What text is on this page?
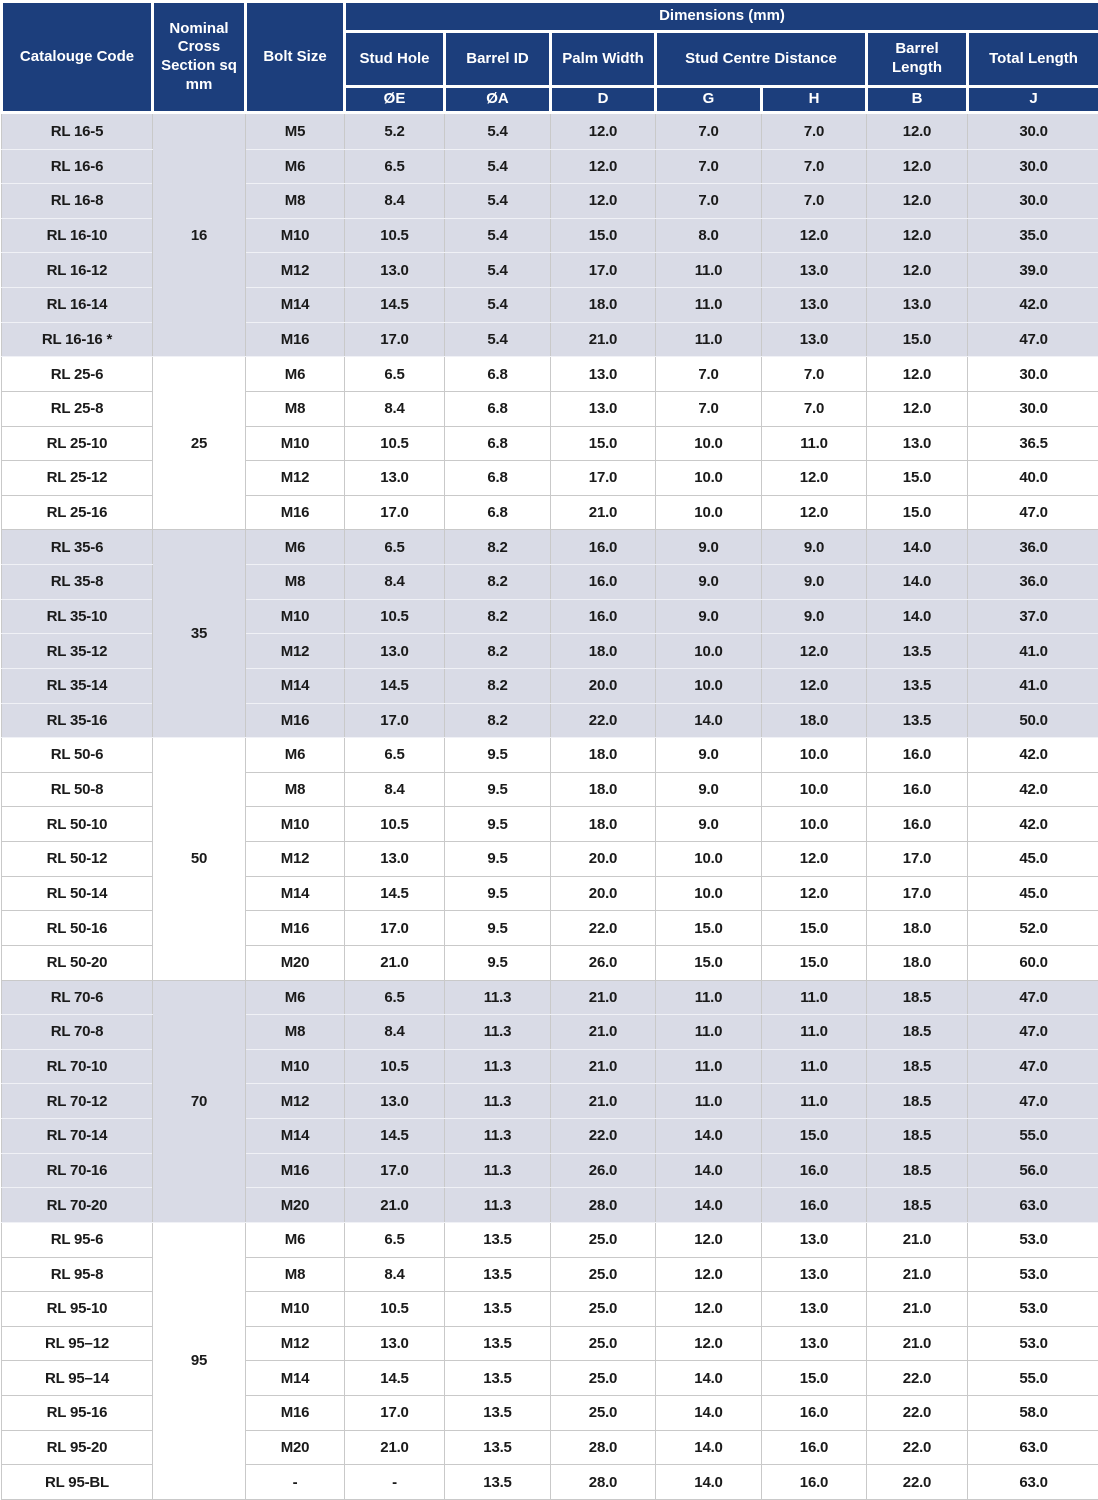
Catalouge Code	Nominal Cross Section sq mm	Bolt Size	Dimensions (mm)						
			Stud Hole	Barrel ID	Palm Width	Stud Centre Distance		Barrel Length	Total Length
			ØE	ØA	D	G	H	B	J
RL 16-5	16	M5	5.2	5.4	12.0	7.0	7.0	12.0	30.0
RL 16-6		M6	6.5	5.4	12.0	7.0	7.0	12.0	30.0
RL 16-8		M8	8.4	5.4	12.0	7.0	7.0	12.0	30.0
RL 16-10		M10	10.5	5.4	15.0	8.0	12.0	12.0	35.0
RL 16-12		M12	13.0	5.4	17.0	11.0	13.0	12.0	39.0
RL 16-14		M14	14.5	5.4	18.0	11.0	13.0	13.0	42.0
RL 16-16 *		M16	17.0	5.4	21.0	11.0	13.0	15.0	47.0
RL 25-6	25	M6	6.5	6.8	13.0	7.0	7.0	12.0	30.0
RL 25-8		M8	8.4	6.8	13.0	7.0	7.0	12.0	30.0
RL 25-10		M10	10.5	6.8	15.0	10.0	11.0	13.0	36.5
RL 25-12		M12	13.0	6.8	17.0	10.0	12.0	15.0	40.0
RL 25-16		M16	17.0	6.8	21.0	10.0	12.0	15.0	47.0
RL 35-6	35	M6	6.5	8.2	16.0	9.0	9.0	14.0	36.0
RL 35-8		M8	8.4	8.2	16.0	9.0	9.0	14.0	36.0
RL 35-10		M10	10.5	8.2	16.0	9.0	9.0	14.0	37.0
RL 35-12		M12	13.0	8.2	18.0	10.0	12.0	13.5	41.0
RL 35-14		M14	14.5	8.2	20.0	10.0	12.0	13.5	41.0
RL 35-16		M16	17.0	8.2	22.0	14.0	18.0	13.5	50.0
RL 50-6	50	M6	6.5	9.5	18.0	9.0	10.0	16.0	42.0
RL 50-8		M8	8.4	9.5	18.0	9.0	10.0	16.0	42.0
RL 50-10		M10	10.5	9.5	18.0	9.0	10.0	16.0	42.0
RL 50-12		M12	13.0	9.5	20.0	10.0	12.0	17.0	45.0
RL 50-14		M14	14.5	9.5	20.0	10.0	12.0	17.0	45.0
RL 50-16		M16	17.0	9.5	22.0	15.0	15.0	18.0	52.0
RL 50-20		M20	21.0	9.5	26.0	15.0	15.0	18.0	60.0
RL 70-6	70	M6	6.5	11.3	21.0	11.0	11.0	18.5	47.0
RL 70-8		M8	8.4	11.3	21.0	11.0	11.0	18.5	47.0
RL 70-10		M10	10.5	11.3	21.0	11.0	11.0	18.5	47.0
RL 70-12		M12	13.0	11.3	21.0	11.0	11.0	18.5	47.0
RL 70-14		M14	14.5	11.3	22.0	14.0	15.0	18.5	55.0
RL 70-16		M16	17.0	11.3	26.0	14.0	16.0	18.5	56.0
RL 70-20		M20	21.0	11.3	28.0	14.0	16.0	18.5	63.0
RL 95-6	95	M6	6.5	13.5	25.0	12.0	13.0	21.0	53.0
RL 95-8		M8	8.4	13.5	25.0	12.0	13.0	21.0	53.0
RL 95-10		M10	10.5	13.5	25.0	12.0	13.0	21.0	53.0
RL 95–12		M12	13.0	13.5	25.0	12.0	13.0	21.0	53.0
RL 95–14		M14	14.5	13.5	25.0	14.0	15.0	22.0	55.0
RL 95-16		M16	17.0	13.5	25.0	14.0	16.0	22.0	58.0
RL 95-20		M20	21.0	13.5	28.0	14.0	16.0	22.0	63.0
RL 95-BL		-	-	13.5	28.0	14.0	16.0	22.0	63.0
